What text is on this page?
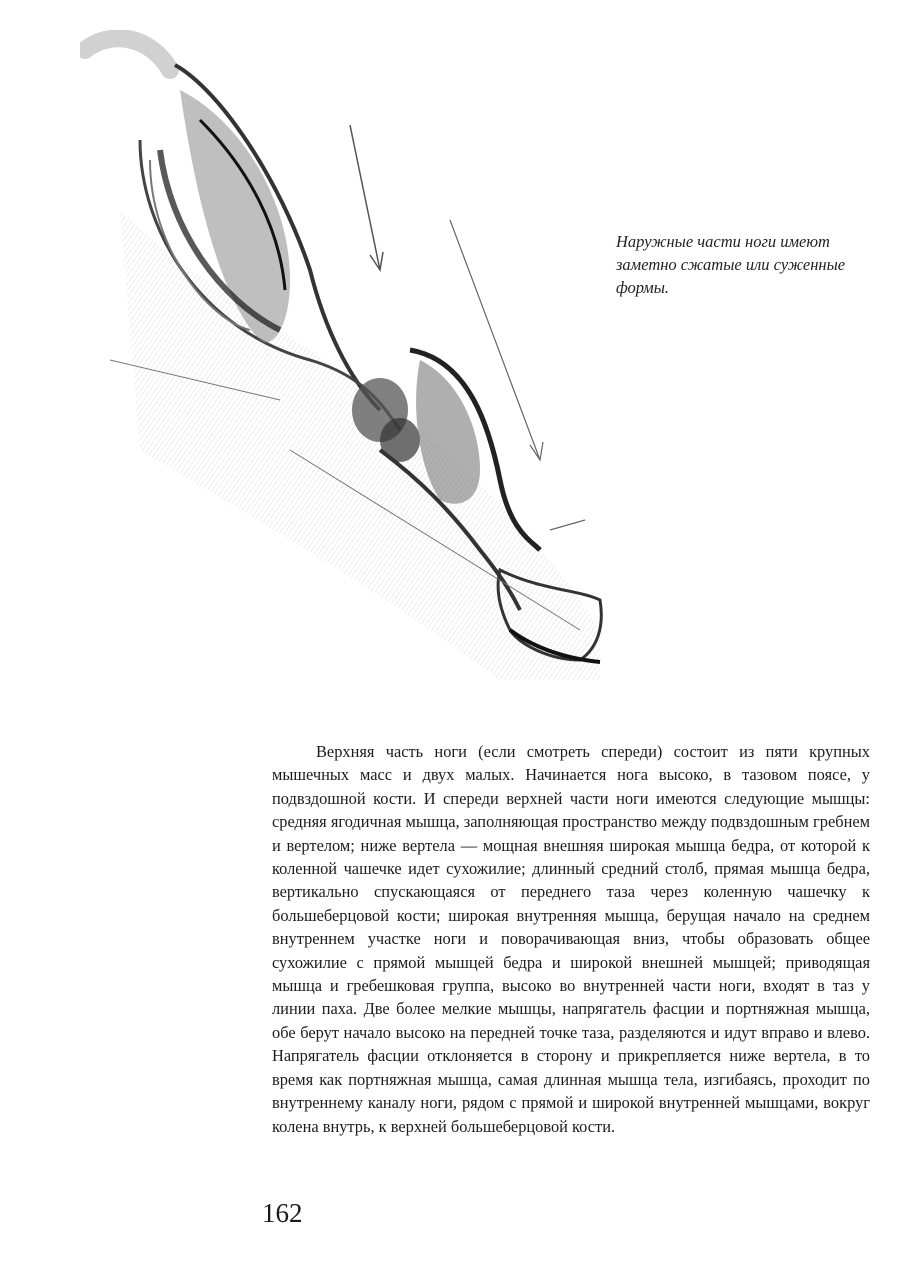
Наружные части ноги имеют заметно сжатые или суженные формы.

Верхняя часть ноги (если смотреть спереди) состоит из пяти крупных мышечных масс и двух малых. Начинается нога высоко, в тазовом поясе, у подвздошной кости. И спереди верхней части ноги имеются следующие мышцы: средняя ягодичная мышца, заполняющая пространство между подвздошным гребнем и вертелом; ниже вертела — мощная внешняя широкая мышца бедра, от которой к коленной чашечке идет сухожилие; длинный средний столб, прямая мышца бедра, вертикально спускающаяся от переднего таза через коленную чашечку к большеберцовой кости; широкая внутренняя мышца, берущая начало на среднем внутреннем участке ноги и поворачивающая вниз, чтобы образовать общее сухожилие с прямой мышцей бедра и широкой внешней мышцей; приводящая мышца и гребешковая группа, высоко во внутренней части ноги, входят в таз у линии паха. Две более мелкие мышцы, напрягатель фасции и портняжная мышца, обе берут начало высоко на передней точке таза, разделяются и идут вправо и влево. Напрягатель фасции отклоняется в сторону и прикрепляется ниже вертела, в то время как портняжная мышца, самая длинная мышца тела, изгибаясь, проходит по внутреннему каналу ноги, рядом с прямой и широкой внутренней мышцами, вокруг колена внутрь, к верхней большеберцовой кости.

162
